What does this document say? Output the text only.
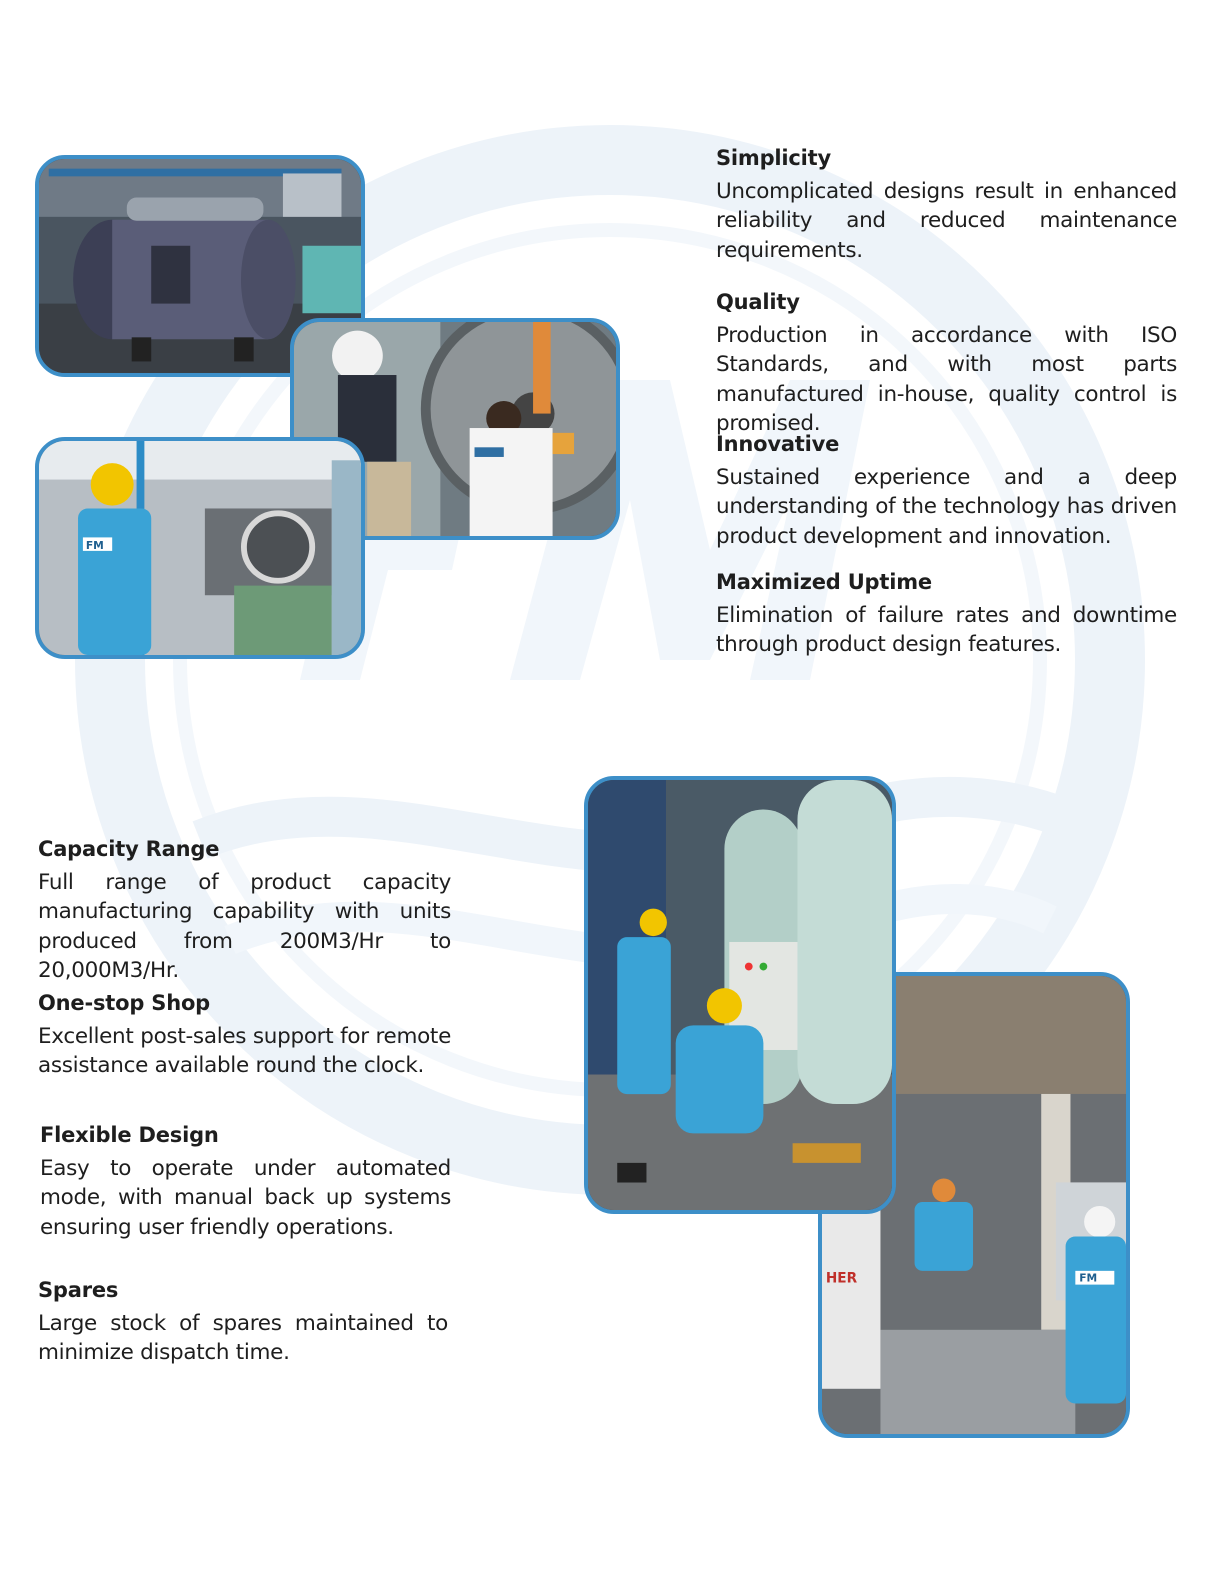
FM
Simplicity

Uncomplicated designs result in enhanced reliability and reduced maintenance requirements.

Quality

Production in accordance with ISO Standards, and with most parts manufactured in-house, quality control is promised.

Innovative

Sustained experience and a deep understanding of the technology has driven product development and innovation.

Maximized Uptime

Elimination of failure rates and downtime through product design features.

Capacity Range

Full range of product capacity manufacturing capability with units produced from 200M3/Hr to 20,000M3/Hr.

One-stop Shop

Excellent post-sales support for remote assistance available round the clock.

Flexible Design

Easy to operate under automated mode, with manual back up systems ensuring user friendly operations.

Spares

Large stock of spares maintained to minimize dispatch time.

HER	FM
